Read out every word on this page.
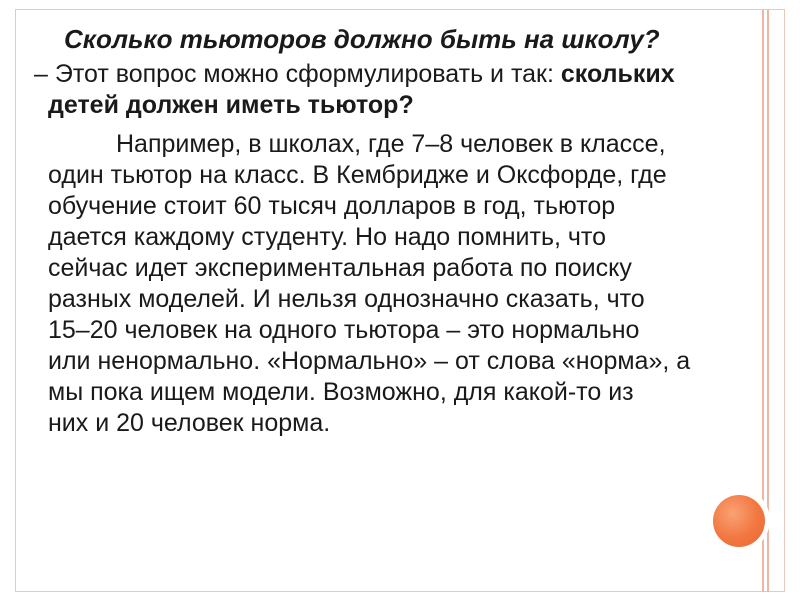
Сколько тьюторов должно быть на школу?
– Этот вопрос можно сформулировать и так: скольких
детей должен иметь тьютор?
Например, в школах, где 7–8 человек в классе,
один тьютор на класс. В Кембридже и Оксфорде, где
обучение стоит 60 тысяч долларов в год, тьютор
дается каждому студенту. Но надо помнить, что
сейчас идет экспериментальная работа по поиску
разных моделей. И нельзя однозначно сказать, что
15–20 человек на одного тьютора – это нормально
или ненормально. «Нормально» – от слова «норма», а
мы пока ищем модели. Возможно, для какой-то из
них и 20 человек норма.
